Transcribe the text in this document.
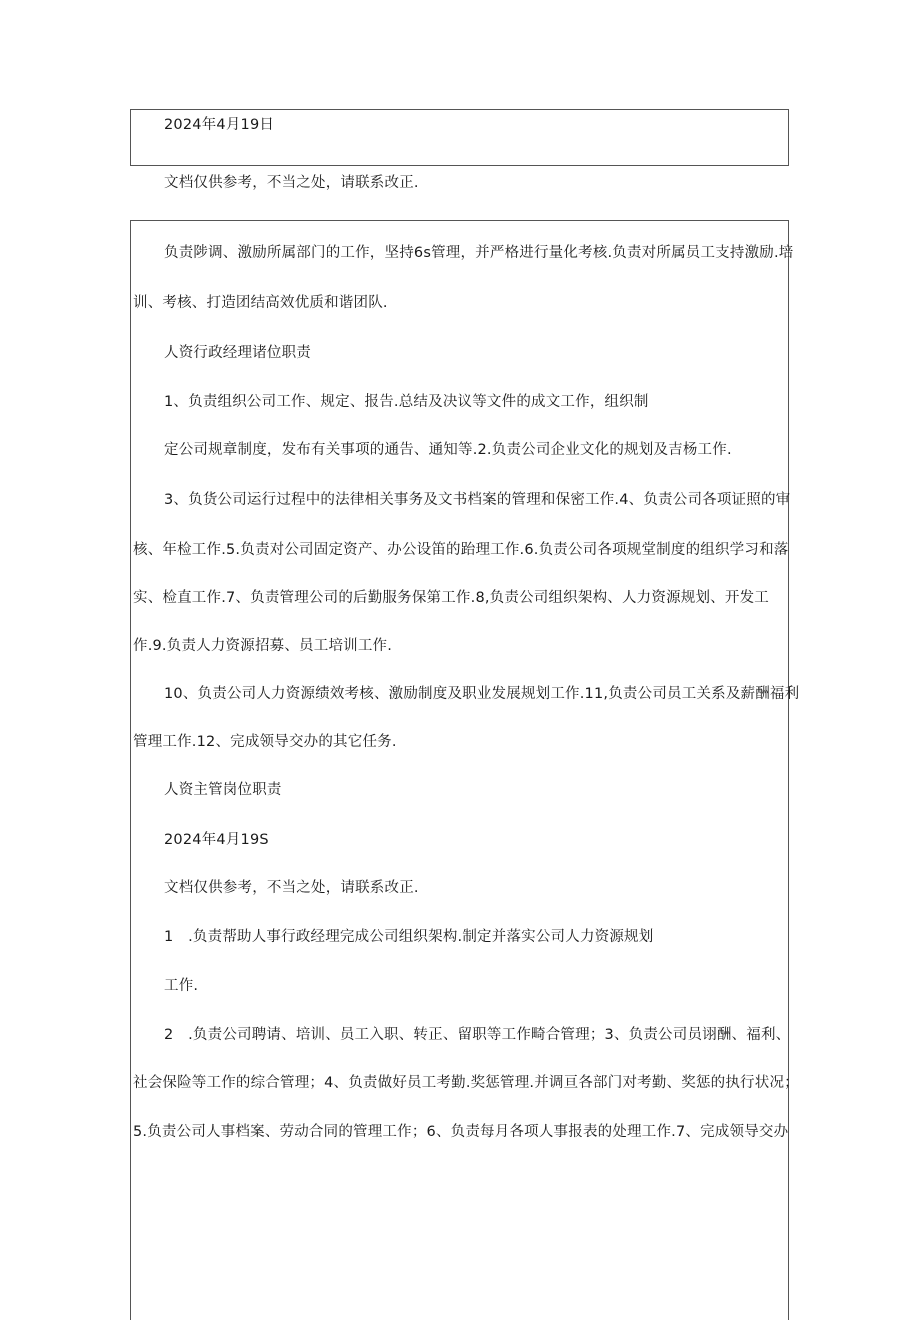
2024年4月19日
文档仅供参考，不当之处，请联系改正.
负责陟调、激励所属部门的工作，坚持6s管理，并严格进行量化考核.负责对所属员工支持激励.培
训、考核、打造团结高效优质和谐团队.
人资行政经理诸位职责
1、负责组织公司工作、规定、报告.总结及决议等文件的成文工作，组织制
定公司规章制度，发布有关事项的通告、通知等.2.负责公司企业文化的规划及吉杨工作.
3、负货公司运行过程中的法律相关事务及文书档案的管理和保密工作.4、负责公司各项证照的审
核、年检工作.5.负责对公司固定资产、办公设笛的跆理工作.6.负责公司各项规堂制度的组织学习和落
实、检直工作.7、负责管理公司的后勤服务保第工作.8,负责公司组织架构、人力资源规划、开发工
作.9.负责人力资源招募、员工培训工作.
10、负责公司人力资源绩效考核、激励制度及职业发展规划工作.11,负责公司员工关系及薪酬福利
管理工作.12、完成领导交办的其它任务.
人资主管岗位职责
2024年4月19S
文档仅供参考，不当之处，请联系改正.
1　.负责帮助人事行政经理完成公司组织架构.制定并落实公司人力资源规划
工作.
2　.负责公司聘请、培训、员工入职、转正、留职等工作畸合管理；3、负责公司员诩酬、福利、
社会保险等工作的综合管理；4、负责做好员工考勤.奖惩管理.并调亘各部门对考勤、奖惩的执行状况；
5.负责公司人事档案、劳动合同的管理工作；6、负责每月各项人事报表的处理工作.7、完成领导交办
